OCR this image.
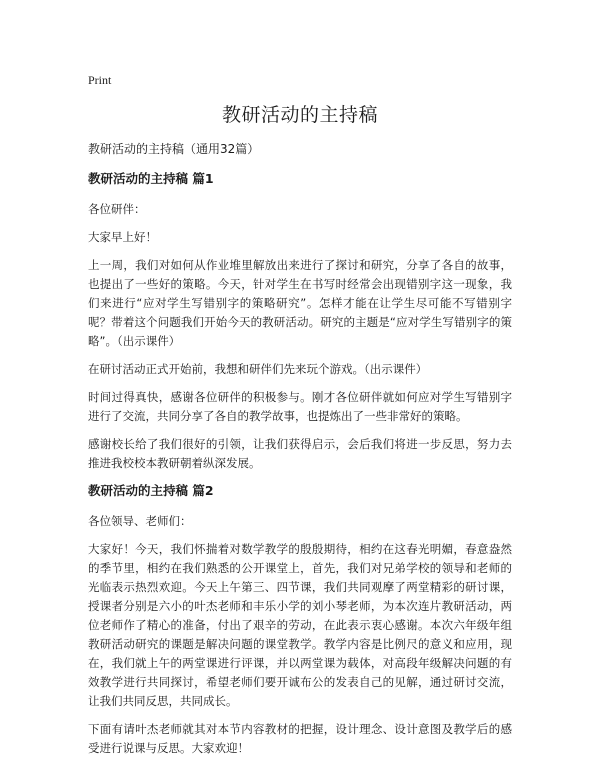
Print
教研活动的主持稿

教研活动的主持稿（通用32篇）

教研活动的主持稿 篇1

各位研伴：

大家早上好！

上一周，我们对如何从作业堆里解放出来进行了探讨和研究，分享了各自的故事，也提出了一些好的策略。今天，针对学生在书写时经常会出现错别字这一现象，我们来进行“应对学生写错别字的策略研究”。怎样才能在让学生尽可能不写错别字呢？带着这个问题我们开始今天的教研活动。研究的主题是“应对学生写错别字的策略”。（出示课件）

在研讨活动正式开始前，我想和研伴们先来玩个游戏。（出示课件）

时间过得真快，感谢各位研伴的积极参与。刚才各位研伴就如何应对学生写错别字进行了交流，共同分享了各自的教学故事，也提炼出了一些非常好的策略。

感谢校长给了我们很好的引领，让我们获得启示，会后我们将进一步反思，努力去推进我校校本教研朝着纵深发展。

教研活动的主持稿 篇2

各位领导、老师们：

大家好！今天，我们怀揣着对数学教学的殷殷期待，相约在这春光明媚，春意盎然的季节里，相约在我们熟悉的公开课堂上，首先，我们对兄弟学校的领导和老师的光临表示热烈欢迎。今天上午第三、四节课，我们共同观摩了两堂精彩的研讨课，授课者分别是六小的叶杰老师和丰乐小学的刘小琴老师，为本次连片教研活动，两位老师作了精心的准备，付出了艰辛的劳动，在此表示衷心感谢。本次六年级年组教研活动研究的课题是解决问题的课堂教学。教学内容是比例尺的意义和应用，现在，我们就上午的两堂课进行评课，并以两堂课为载体，对高段年级解决问题的有效教学进行共同探讨，希望老师们要开诚布公的发表自己的见解，通过研讨交流，让我们共同反思，共同成长。

下面有请叶杰老师就其对本节内容教材的把握，设计理念、设计意图及教学后的感受进行说课与反思。大家欢迎！
